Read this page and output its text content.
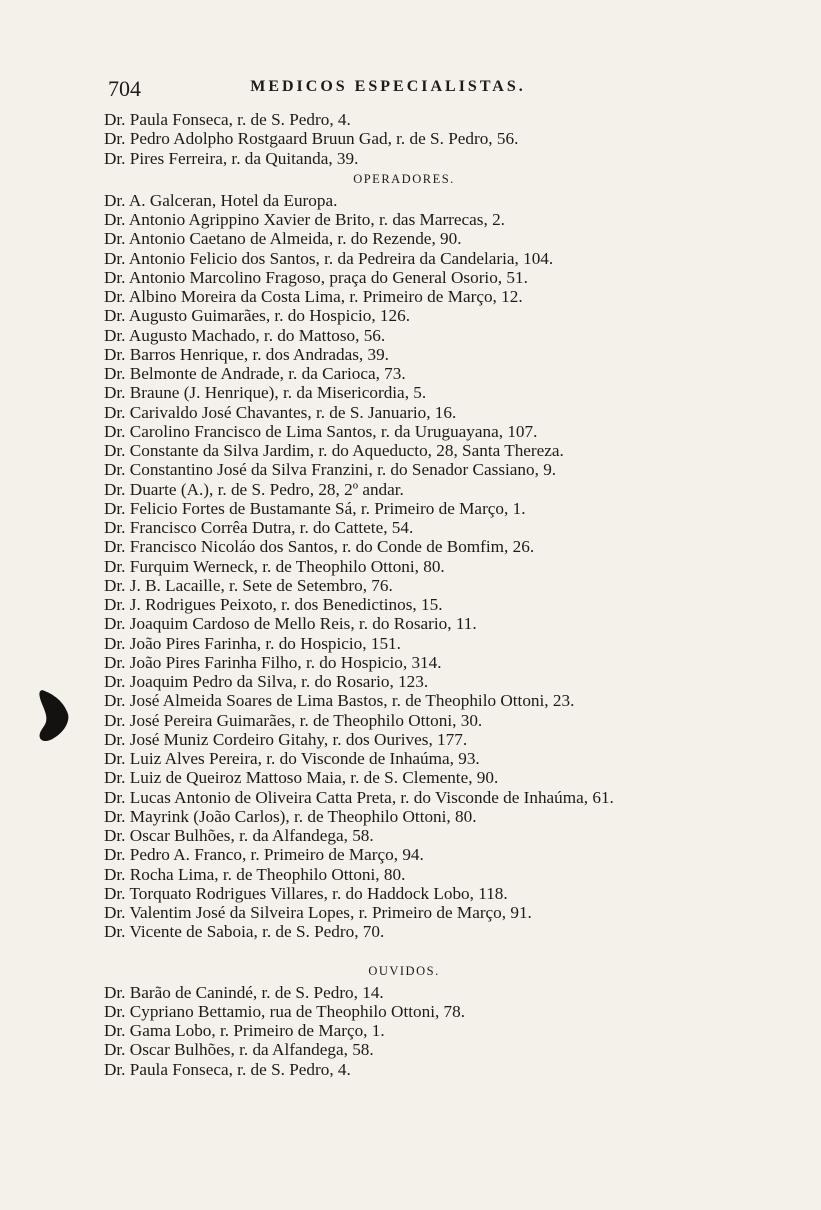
704	MEDICOS ESPECIALISTAS.
Dr. Paula Fonseca, r. de S. Pedro, 4.
Dr. Pedro Adolpho Rostgaard Bruun Gad, r. de S. Pedro, 56.
Dr. Pires Ferreira, r. da Quitanda, 39.
OPERADORES.
Dr. A. Galceran, Hotel da Europa.
Dr. Antonio Agrippino Xavier de Brito, r. das Marrecas, 2.
Dr. Antonio Caetano de Almeida, r. do Rezende, 90.
Dr. Antonio Felicio dos Santos, r. da Pedreira da Candelaria, 104.
Dr. Antonio Marcolino Fragoso, praça do General Osorio, 51.
Dr. Albino Moreira da Costa Lima, r. Primeiro de Março, 12.
Dr. Augusto Guimarães, r. do Hospicio, 126.
Dr. Augusto Machado, r. do Mattoso, 56.
Dr. Barros Henrique, r. dos Andradas, 39.
Dr. Belmonte de Andrade, r. da Carioca, 73.
Dr. Braune (J. Henrique), r. da Misericordia, 5.
Dr. Carivaldo José Chavantes, r. de S. Januario, 16.
Dr. Carolino Francisco de Lima Santos, r. da Uruguayana, 107.
Dr. Constante da Silva Jardim, r. do Aqueducto, 28, Santa Thereza.
Dr. Constantino José da Silva Franzini, r. do Senador Cassiano, 9.
Dr. Duarte (A.), r. de S. Pedro, 28, 2º andar.
Dr. Felicio Fortes de Bustamante Sá, r. Primeiro de Março, 1.
Dr. Francisco Corrêa Dutra, r. do Cattete, 54.
Dr. Francisco Nicoláo dos Santos, r. do Conde de Bomfim, 26.
Dr. Furquim Werneck, r. de Theophilo Ottoni, 80.
Dr. J. B. Lacaille, r. Sete de Setembro, 76.
Dr. J. Rodrigues Peixoto, r. dos Benedictinos, 15.
Dr. Joaquim Cardoso de Mello Reis, r. do Rosario, 11.
Dr. João Pires Farinha, r. do Hospicio, 151.
Dr. João Pires Farinha Filho, r. do Hospicio, 314.
Dr. Joaquim Pedro da Silva, r. do Rosario, 123.
Dr. José Almeida Soares de Lima Bastos, r. de Theophilo Ottoni, 23.
Dr. José Pereira Guimarães, r. de Theophilo Ottoni, 30.
Dr. José Muniz Cordeiro Gitahy, r. dos Ourives, 177.
Dr. Luiz Alves Pereira, r. do Visconde de Inhaúma, 93.
Dr. Luiz de Queiroz Mattoso Maia, r. de S. Clemente, 90.
Dr. Lucas Antonio de Oliveira Catta Preta, r. do Visconde de Inhaúma, 61.
Dr. Mayrink (João Carlos), r. de Theophilo Ottoni, 80.
Dr. Oscar Bulhões, r. da Alfandega, 58.
Dr. Pedro A. Franco, r. Primeiro de Março, 94.
Dr. Rocha Lima, r. de Theophilo Ottoni, 80.
Dr. Torquato Rodrigues Villares, r. do Haddock Lobo, 118.
Dr. Valentim José da Silveira Lopes, r. Primeiro de Março, 91.
Dr. Vicente de Saboia, r. de S. Pedro, 70.
OUVIDOS.
Dr. Barão de Canindé, r. de S. Pedro, 14.
Dr. Cypriano Bettamio, rua de Theophilo Ottoni, 78.
Dr. Gama Lobo, r. Primeiro de Março, 1.
Dr. Oscar Bulhões, r. da Alfandega, 58.
Dr. Paula Fonseca, r. de S. Pedro, 4.
